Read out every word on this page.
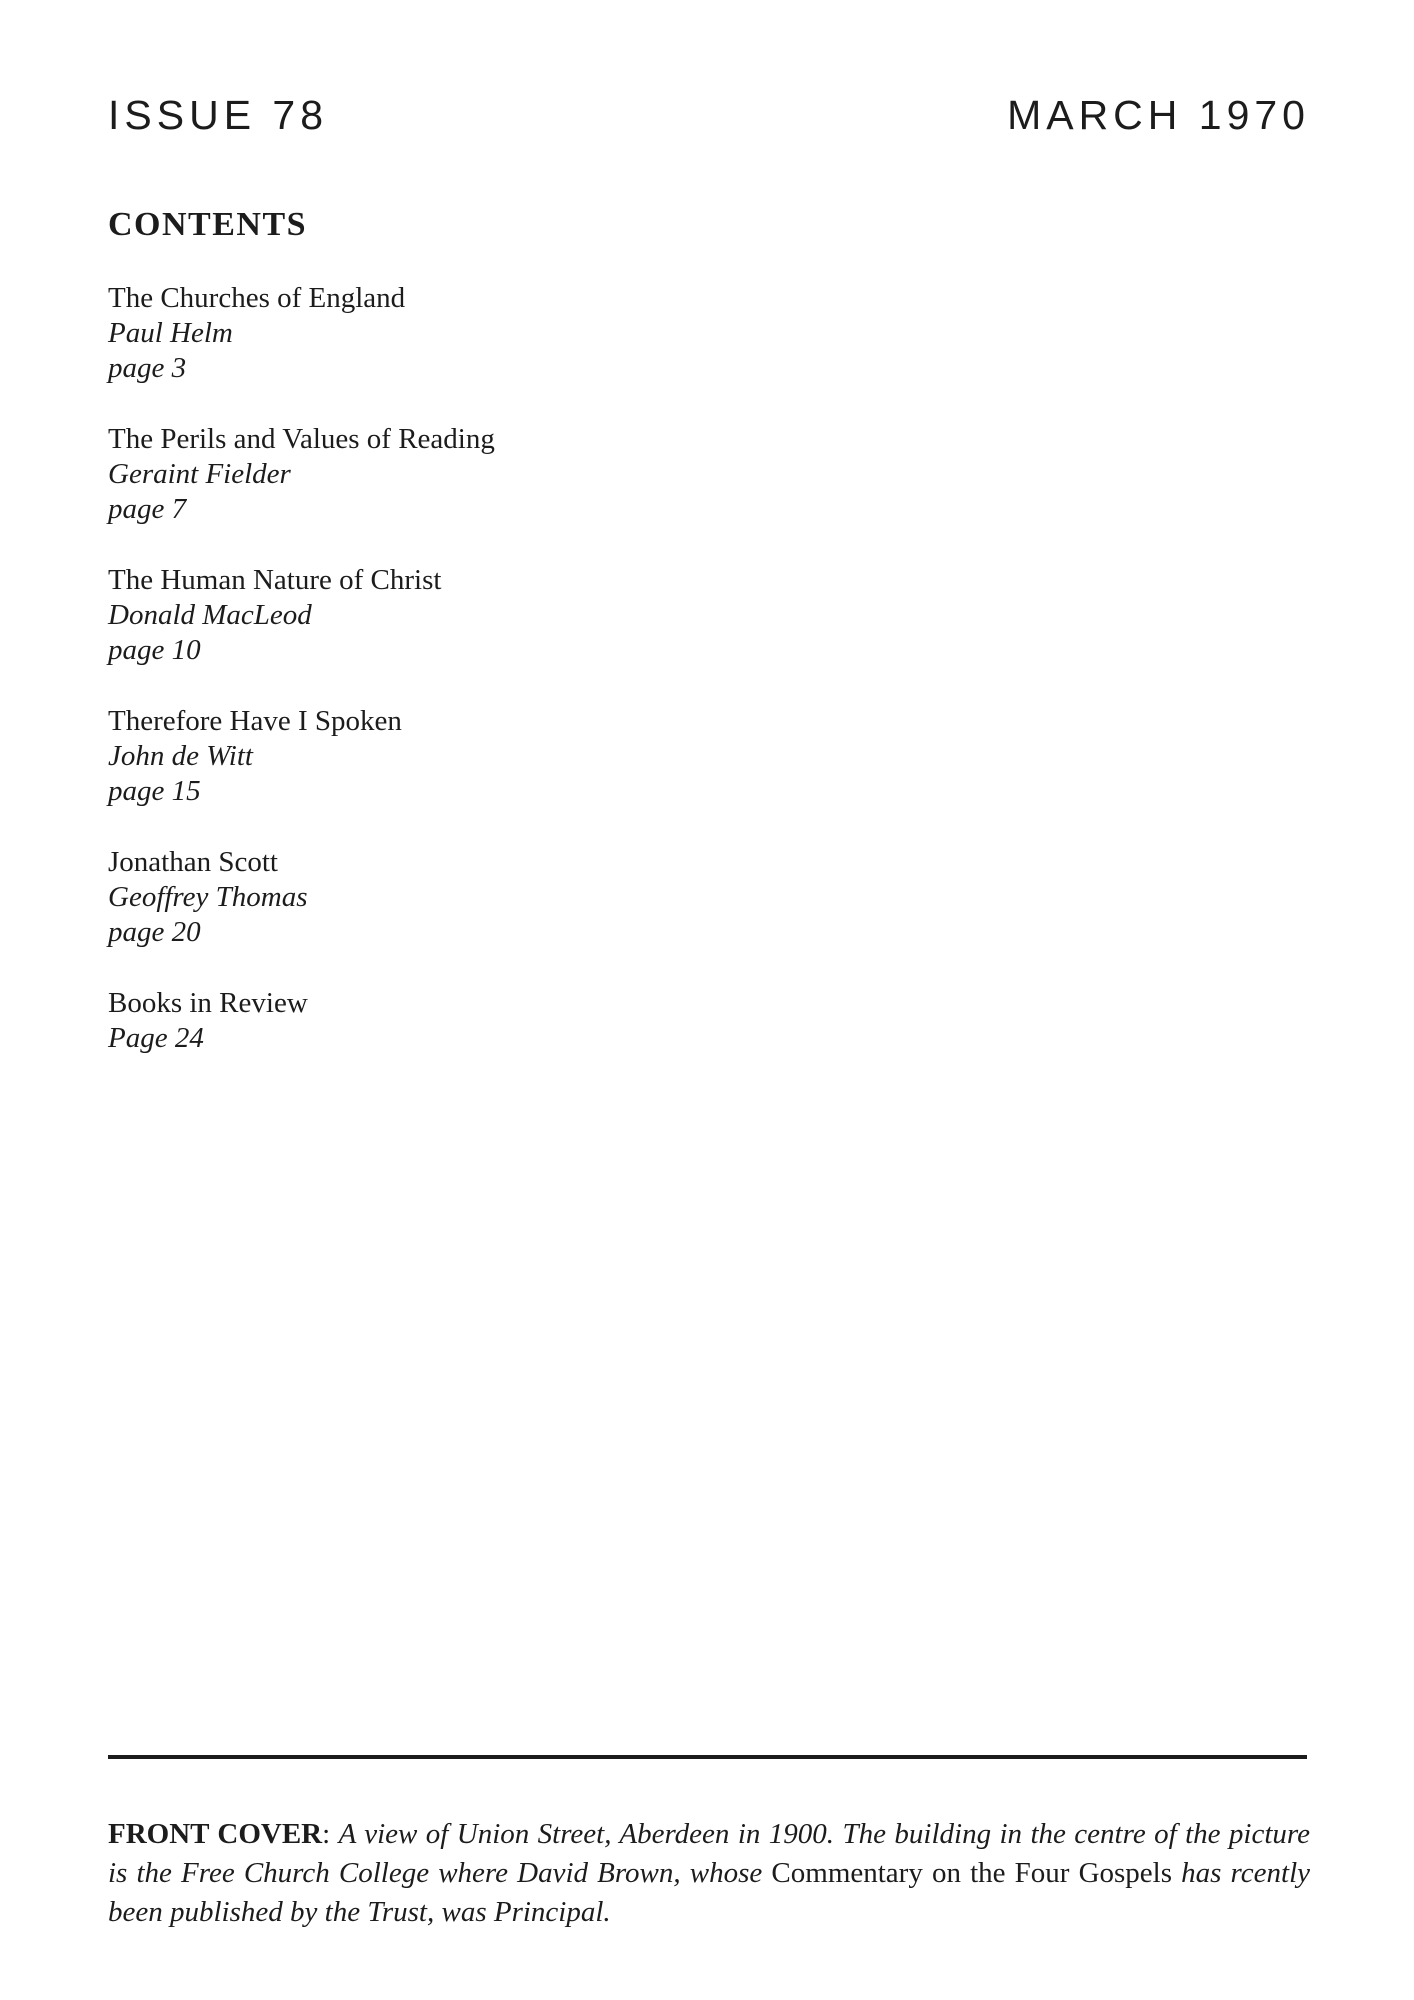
ISSUE 78	MARCH 1970
CONTENTS
The Churches of England
Paul Helm
page 3
The Perils and Values of Reading
Geraint Fielder
page 7
The Human Nature of Christ
Donald MacLeod
page 10
Therefore Have I Spoken
John de Witt
page 15
Jonathan Scott
Geoffrey Thomas
page 20
Books in Review
Page 24

FRONT COVER: A view of Union Street, Aberdeen in 1900. The building in the centre of the picture is the Free Church College where David Brown, whose Commentary on the Four Gospels has rcently been published by the Trust, was Principal.
